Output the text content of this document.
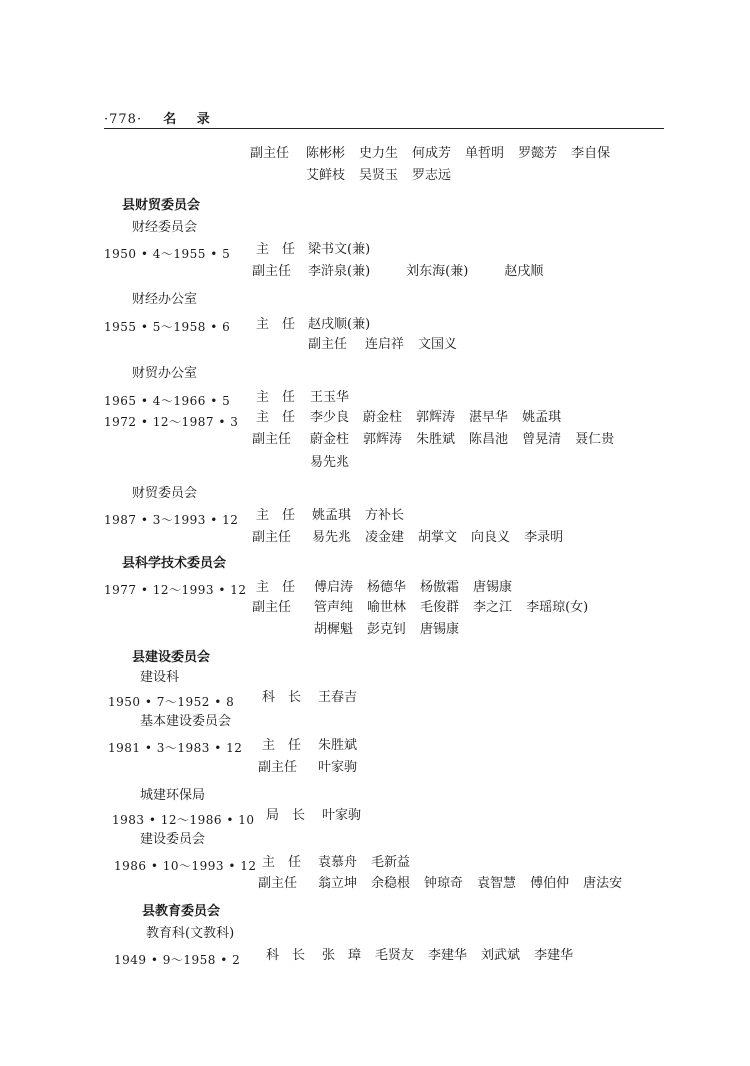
·778· 名 录
副主任 陈彬彬 史力生 何成芳 单哲明 罗懿芳 李自保
艾鲜枝 吴贤玉 罗志远
县财贸委员会
财经委员会
1950 • 4～1955 • 5 主　任 梁书文(兼)
副主任 李浒泉(兼)	刘东海(兼)	赵戌顺
财经办公室
1955 • 5～1958 • 6 主　任 赵戌顺(兼)
副主任 连启祥 文国义
财贸办公室
1965 • 4～1966 • 5 主　任 王玉华
1972 • 12～1987 • 3 主　任 李少良 蔚金柱 郭辉涛 湛早华 姚孟琪
副主任 蔚金柱 郭辉涛 朱胜斌 陈昌池 曾晃清 聂仁贵
易先兆
财贸委员会
1987 • 3～1993 • 12 主　任 姚孟琪 方补长
副主任 易先兆 凌金建 胡掌文 向良义 李录明
县科学技术委员会
1977 • 12～1993 • 12 主　任 傅启涛 杨德华 杨傲霜 唐锡康
副主任 管声纯 喻世林 毛俊群 李之江 李瑶琼(女)
胡樨魁 彭克钊 唐锡康
县建设委员会
建设科
1950 • 7～1952 • 8 科　长 王春吉
基本建设委员会
1981 • 3～1983 • 12 主　任 朱胜斌
副主任 叶家驹
城建环保局
1983 • 12～1986 • 10 局　长 叶家驹
建设委员会
1986 • 10～1993 • 12 主　任 袁慕舟 毛新益
副主任 翁立坤 余稳根 钟琼奇 袁智慧 傅伯仲 唐法安
县教育委员会
教育科(文教科)
1949 • 9～1958 • 2 科　长 张　璋 毛贤友 李建华 刘武斌 李建华
